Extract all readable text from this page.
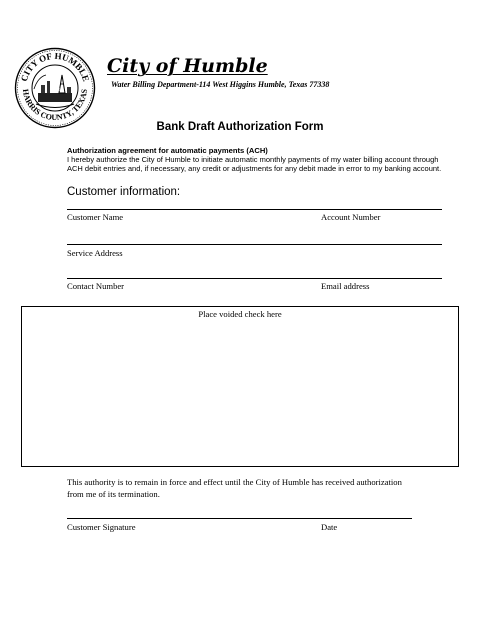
CITY OF HUMBLE
HARRIS COUNTY, TEXAS
1933
City of Humble
Water Billing Department-114 West Higgins Humble, Texas 77338
Bank Draft Authorization Form
Authorization agreement for automatic payments (ACH)
I hereby authorize the City of Humble to initiate automatic monthly payments of my water billing account through ACH debit entries and, if necessary, any credit or adjustments for any debit made in error to my banking account.
Customer information:
Customer Name	Account Number
Service Address
Contact Number	Email address
Place voided check here
This authority is to remain in force and effect until the City of Humble has received authorization from me of its termination.
Customer Signature	Date
